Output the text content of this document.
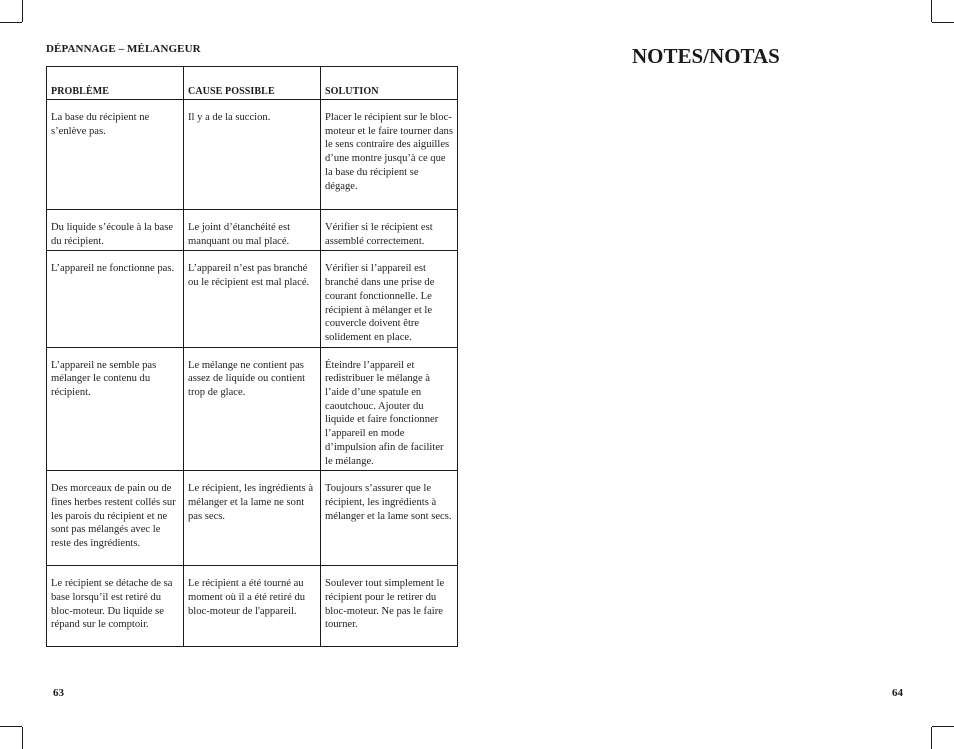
DÉPANNAGE – MÉLANGEUR
PROBLÈME	CAUSE POSSIBLE	SOLUTION

La base du récipient ne s’enlève pas.	Il y a de la succion.	Placer le récipient sur le bloc-moteur et le faire tourner dans le sens contraire des aiguilles d’une montre jusqu’à ce que la base du récipient se dégage.

Du liquide s’écoule à la base du récipient.	Le joint d’étanchéité est manquant ou mal placé.	Vérifier si le récipient est assemblé correctement.

L’appareil ne fonctionne pas.	L’appareil n’est pas branché ou le récipient est mal placé.	Vérifier si l’appareil est branché dans une prise de courant fonctionnelle. Le récipient à mélanger et le couvercle doivent être solidement en place.

L’appareil ne semble pas mélanger le contenu du récipient.	Le mélange ne contient pas assez de liquide ou contient trop de glace.	Éteindre l’appareil et redistribuer le mélange à l’aide d’une spatule en caoutchouc. Ajouter du liquide et faire fonctionner l’appareil en mode d’impulsion afin de faciliter le mélange.

Des morceaux de pain ou de fines herbes restent collés sur les parois du récipient et ne sont pas mélangés avec le reste des ingrédients.	Le récipient, les ingrédients à mélanger et la lame ne sont pas secs.	Toujours s’assurer que le récipient, les ingrédients à mélanger et la lame sont secs.

Le récipient se détache de sa base lorsqu’il est retiré du bloc-moteur. Du liquide se répand sur le comptoir.	Le récipient a été tourné au moment où il a été retiré du bloc-moteur de l'appareil.	Soulever tout simplement le récipient pour le retirer du bloc-moteur. Ne pas le faire tourner.
63
NOTES/NOTAS
64
